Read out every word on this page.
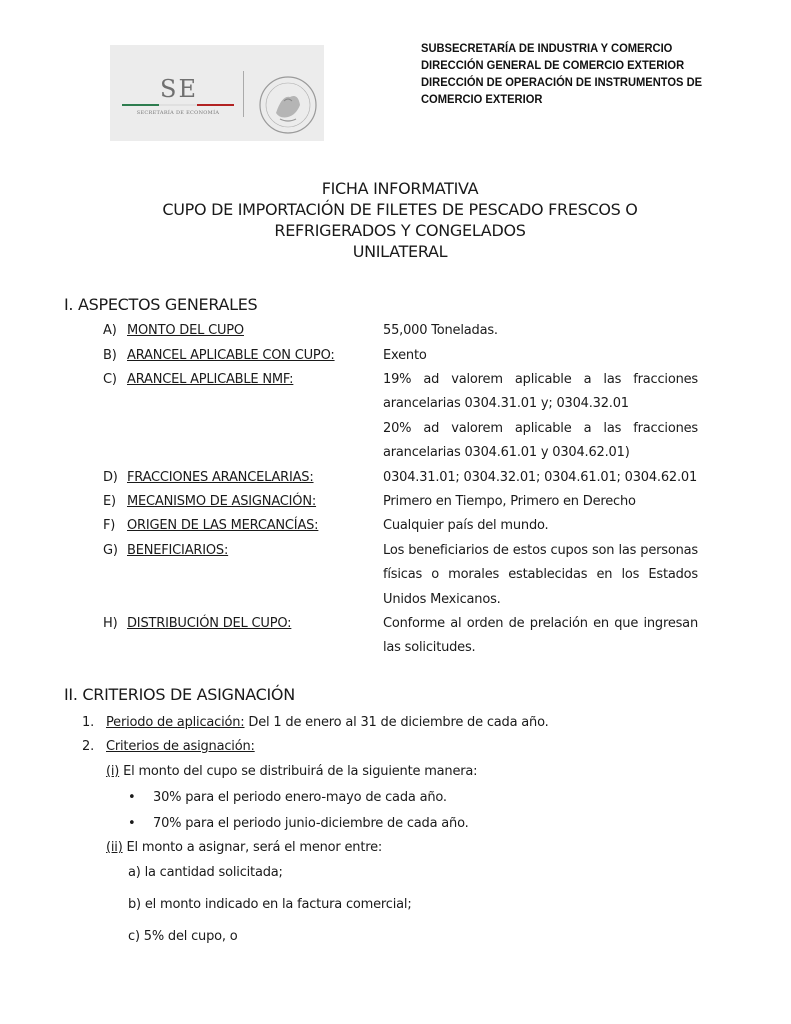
SE
SECRETARÍA DE ECONOMÍA
SUBSECRETARÍA DE INDUSTRIA Y COMERCIO
DIRECCIÓN GENERAL DE COMERCIO EXTERIOR
DIRECCIÓN DE OPERACIÓN DE INSTRUMENTOS DE
COMERCIO EXTERIOR
FICHA INFORMATIVA
CUPO DE IMPORTACIÓN DE FILETES DE PESCADO FRESCOS O
REFRIGERADOS Y CONGELADOS
UNILATERAL
I. ASPECTOS GENERALES
A) MONTO DEL CUPO	55,000 Toneladas.
B) ARANCEL APLICABLE CON CUPO:	Exento
C) ARANCEL APLICABLE NMF:	19% ad valorem aplicable a las fracciones
arancelarias 0304.31.01 y; 0304.32.01
20% ad valorem aplicable a las fracciones
arancelarias 0304.61.01 y 0304.62.01)
D) FRACCIONES ARANCELARIAS:	0304.31.01; 0304.32.01; 0304.61.01; 0304.62.01
E) MECANISMO DE ASIGNACIÓN:	Primero en Tiempo, Primero en Derecho
F) ORIGEN DE LAS MERCANCÍAS:	Cualquier país del mundo.
G) BENEFICIARIOS:	Los beneficiarios de estos cupos son las personas
físicas o morales establecidas en los Estados
Unidos Mexicanos.
H) DISTRIBUCIÓN DEL CUPO:	Conforme al orden de prelación en que ingresan
las solicitudes.
II. CRITERIOS DE ASIGNACIÓN
1. Periodo de aplicación: Del 1 de enero al 31 de diciembre de cada año.
2. Criterios de asignación:
(i) El monto del cupo se distribuirá de la siguiente manera:
• 30% para el periodo enero-mayo de cada año.
• 70% para el periodo junio-diciembre de cada año.
(ii) El monto a asignar, será el menor entre:
a) la cantidad solicitada;
b) el monto indicado en la factura comercial;
c) 5% del cupo, o
